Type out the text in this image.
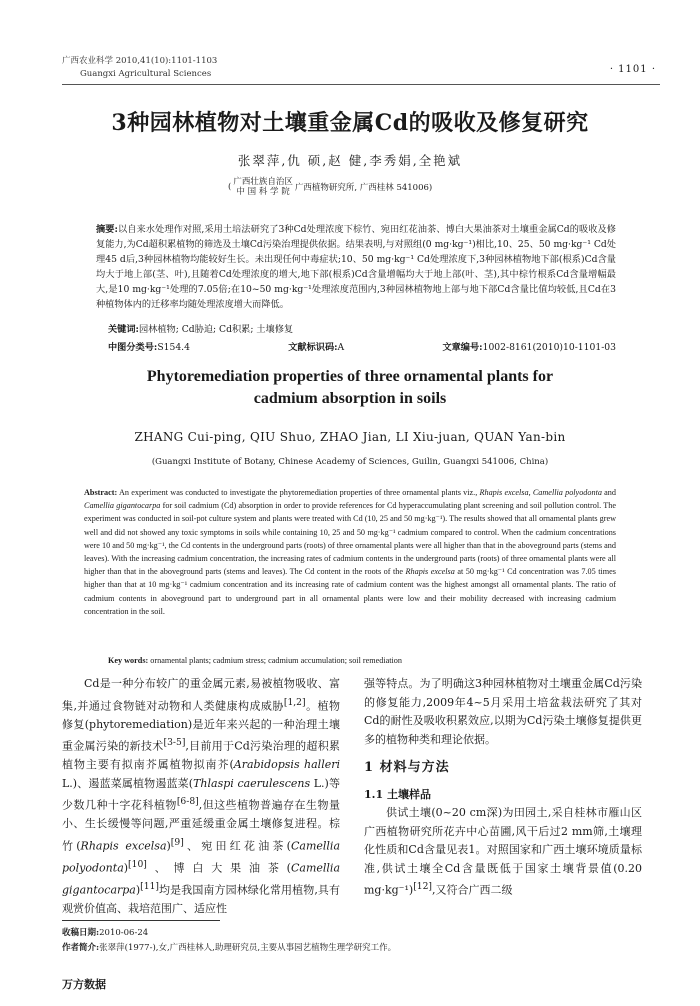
广西农业科学 2010,41(10):1101-1103
Guangxi Agricultural Sciences	· 1101 ·
3种园林植物对土壤重金属Cd的吸收及修复研究
张翠萍,仇 硕,赵 健,李秀娟,全艳斌
( 广西壮族自治区
中 国 科 学 院 广西植物研究所, 广西桂林 541006)
摘要:以自来水处理作对照,采用土培法研究了3种Cd处理浓度下棕竹、宛田红花油茶、博白大果油茶对土壤重金属Cd的吸收及修复能力,为Cd超积累植物的筛选及土壤Cd污染治理提供依据。结果表明,与对照组(0 mg·kg⁻¹)相比,10、25、50 mg·kg⁻¹ Cd处理45 d后,3种园林植物均能较好生长。未出现任何中毒症状;10、50 mg·kg⁻¹ Cd处理浓度下,3种园林植物地下部(根系)Cd含量均大于地上部(茎、叶),且随着Cd处理浓度的增大,地下部(根系)Cd含量增幅均大于地上部(叶、茎),其中棕竹根系Cd含量增幅最大,是10 mg·kg⁻¹处理的7.05倍;在10~50 mg·kg⁻¹处理浓度范围内,3种园林植物地上部与地下部Cd含量比值均较低,且Cd在3种植物体内的迁移率均随处理浓度增大而降低。
关键词:园林植物; Cd胁迫; Cd积累; 土壤修复
中图分类号:S154.4	文献标识码:A	文章编号:1002-8161(2010)10-1101-03
Phytoremediation properties of three ornamental plants for
cadmium absorption in soils
ZHANG Cui-ping, QIU Shuo, ZHAO Jian, LI Xiu-juan, QUAN Yan-bin
(Guangxi Institute of Botany, Chinese Academy of Sciences, Guilin, Guangxi 541006, China)
Abstract: An experiment was conducted to investigate the phytoremediation properties of three ornamental plants viz., Rhapis excelsa, Camellia polyodonta and Camellia gigantocarpa for soil cadmium (Cd) absorption in order to provide references for Cd hyperaccumulating plant screening and soil pollution control. The experiment was conducted in soil-pot culture system and plants were treated with Cd (10, 25 and 50 mg·kg⁻¹). The results showed that all ornamental plants grew well and did not showed any toxic symptoms in soils while containing 10, 25 and 50 mg·kg⁻¹ cadmium compared to control. When the cadmium concentrations were 10 and 50 mg·kg⁻¹, the Cd contents in the underground parts (roots) of three ornamental plants were all higher than that in the aboveground parts (stems and leaves). With the increasing cadmium concentration, the increasing rates of cadmium contents in the underground parts (roots) of three ornamental plants were all higher than that in the aboveground parts (stems and leaves). The Cd content in the roots of the Rhapis excelsa at 50 mg·kg⁻¹ Cd concentration was 7.05 times higher than that at 10 mg·kg⁻¹ cadmium concentration and its increasing rate of cadmium content was the highest amongst all ornamental plants. The ratio of cadmium contents in aboveground part to underground part in all ornamental plants were low and their mobility decreased with increasing cadmium concentration in the soil.
Key words: ornamental plants; cadmium stress; cadmium accumulation; soil remediation

Cd是一种分布较广的重金属元素,易被植物吸收、富集,并通过食物链对动物和人类健康构成威胁[1,2]。植物修复(phytoremediation)是近年来兴起的一种治理土壤重金属污染的新技术[3-5],目前用于Cd污染治理的超积累植物主要有拟南芥属植物拟南芥(Arabidopsis halleri L.)、遏蓝菜属植物遏蓝菜(Thlaspi caerulescens L.)等少数几种十字花科植物[6-8],但这些植物普遍存在生物量小、生长缓慢等问题,严重延缓重金属土壤修复进程。棕竹(Rhapis excelsa)[9]、宛田红花油茶(Camellia polyodonta)[10]、博白大果油茶(Camellia gigantocarpa)[11]均是我国南方园林绿化常用植物,具有观赏价值高、栽培范围广、适应性

强等特点。为了明确这3种园林植物对土壤重金属Cd污染的修复能力,2009年4~5月采用土培盆栽法研究了其对Cd的耐性及吸收积累效应,以期为Cd污染土壤修复提供更多的植物种类和理论依据。

1 材料与方法
1.1 土壤样品

供试土壤(0~20 cm深)为田园土,采自桂林市雁山区广西植物研究所花卉中心苗圃,风干后过2 mm筛,土壤理化性质和Cd含量见表1。对照国家和广西土壤环境质量标准,供试土壤全Cd含量既低于国家土壤背景值(0.20 mg·kg⁻¹)[12],又符合广西二级

收稿日期:2010-06-24
作者简介:张翠萍(1977-),女,广西桂林人,助理研究员,主要从事园艺植物生理学研究工作。
万方数据
